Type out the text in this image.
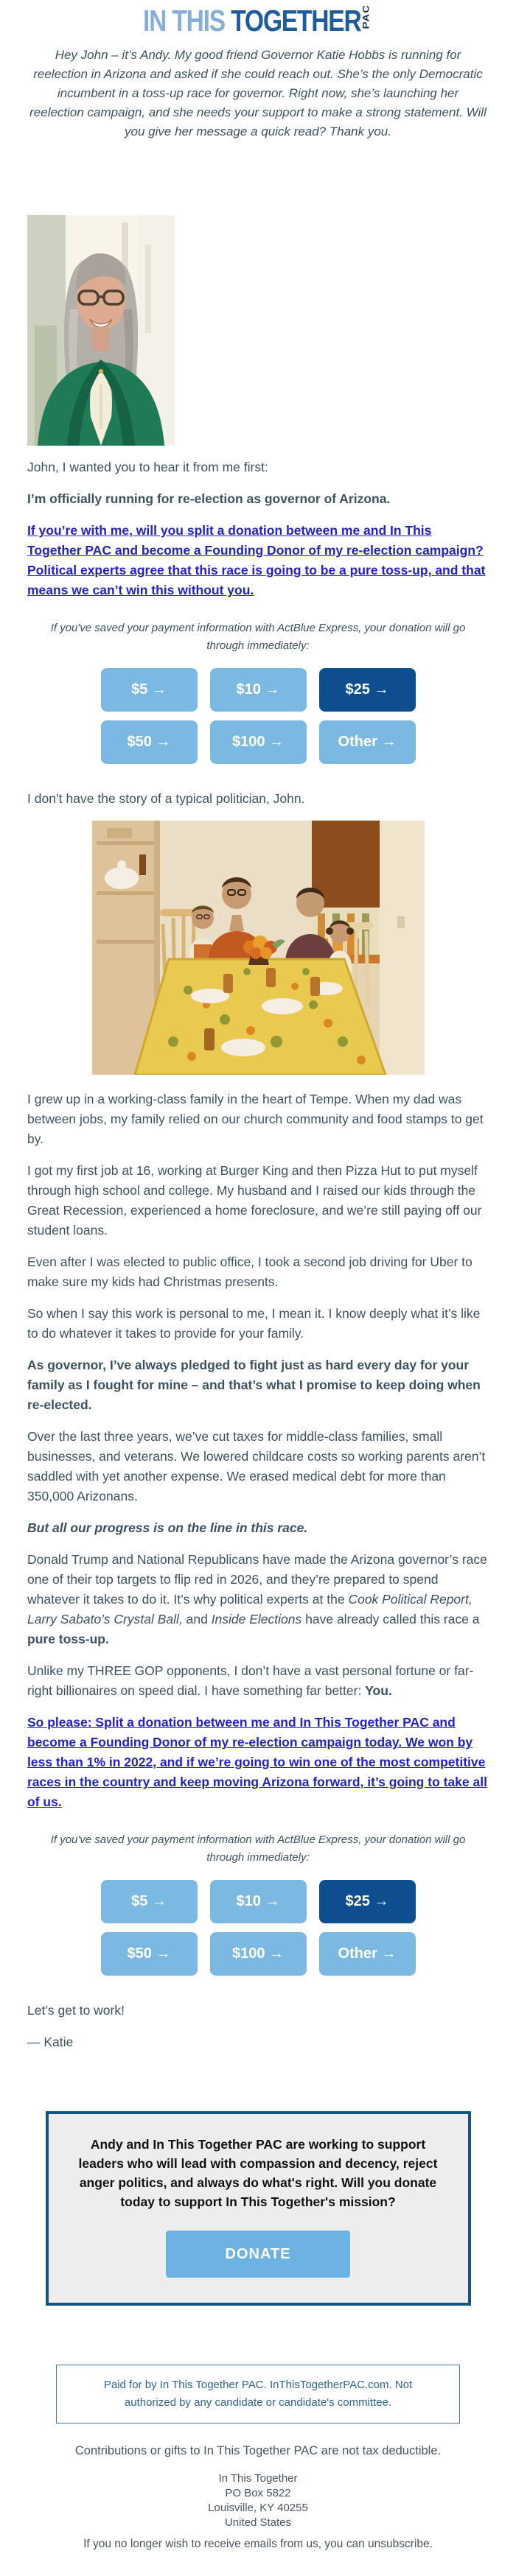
IN THIS TOGETHER PAC

Hey John – it’s Andy. My good friend Governor Katie Hobbs is running for reelection in Arizona and asked if she could reach out. She’s the only Democratic incumbent in a toss-up race for governor. Right now, she’s launching her reelection campaign, and she needs your support to make a strong statement. Will you give her message a quick read? Thank you.

John, I wanted you to hear it from me first:

I’m officially running for re-election as governor of Arizona.

If you’re with me, will you split a donation between me and In This Together PAC and become a Founding Donor of my re-election campaign? Political experts agree that this race is going to be a pure toss-up, and that means we can’t win this without you.

If you've saved your payment information with ActBlue Express, your donation will go through immediately:

$5 →	$10 →	$25 →
$50 →	$100 →	Other →

I don’t have the story of a typical politician, John.

I grew up in a working-class family in the heart of Tempe. When my dad was between jobs, my family relied on our church community and food stamps to get by.

I got my first job at 16, working at Burger King and then Pizza Hut to put myself through high school and college. My husband and I raised our kids through the Great Recession, experienced a home foreclosure, and we’re still paying off our student loans.

Even after I was elected to public office, I took a second job driving for Uber to make sure my kids had Christmas presents.

So when I say this work is personal to me, I mean it. I know deeply what it’s like to do whatever it takes to provide for your family.

As governor, I’ve always pledged to fight just as hard every day for your family as I fought for mine – and that’s what I promise to keep doing when re-elected.

Over the last three years, we’ve cut taxes for middle-class families, small businesses, and veterans. We lowered childcare costs so working parents aren’t saddled with yet another expense. We erased medical debt for more than 350,000 Arizonans.

But all our progress is on the line in this race.

Donald Trump and National Republicans have made the Arizona governor’s race one of their top targets to flip red in 2026, and they’re prepared to spend whatever it takes to do it. It’s why political experts at the Cook Political Report, Larry Sabato’s Crystal Ball, and Inside Elections have already called this race a pure toss-up.

Unlike my THREE GOP opponents, I don’t have a vast personal fortune or far-right billionaires on speed dial. I have something far better: You.

So please: Split a donation between me and In This Together PAC and become a Founding Donor of my re-election campaign today. We won by less than 1% in 2022, and if we’re going to win one of the most competitive races in the country and keep moving Arizona forward, it’s going to take all of us.

If you've saved your payment information with ActBlue Express, your donation will go through immediately:

$5 →	$10 →	$25 →
$50 →	$100 →	Other →

Let’s get to work!

— Katie

Andy and In This Together PAC are working to support leaders who will lead with compassion and decency, reject anger politics, and always do what's right. Will you donate today to support In This Together's mission?

DONATE
Paid for by In This Together PAC. InThisTogetherPAC.com. Not authorized by any candidate or candidate's committee.

Contributions or gifts to In This Together PAC are not tax deductible.

In This Together
PO Box 5822
Louisville, KY 40255
United States

If you no longer wish to receive emails from us, you can unsubscribe.
